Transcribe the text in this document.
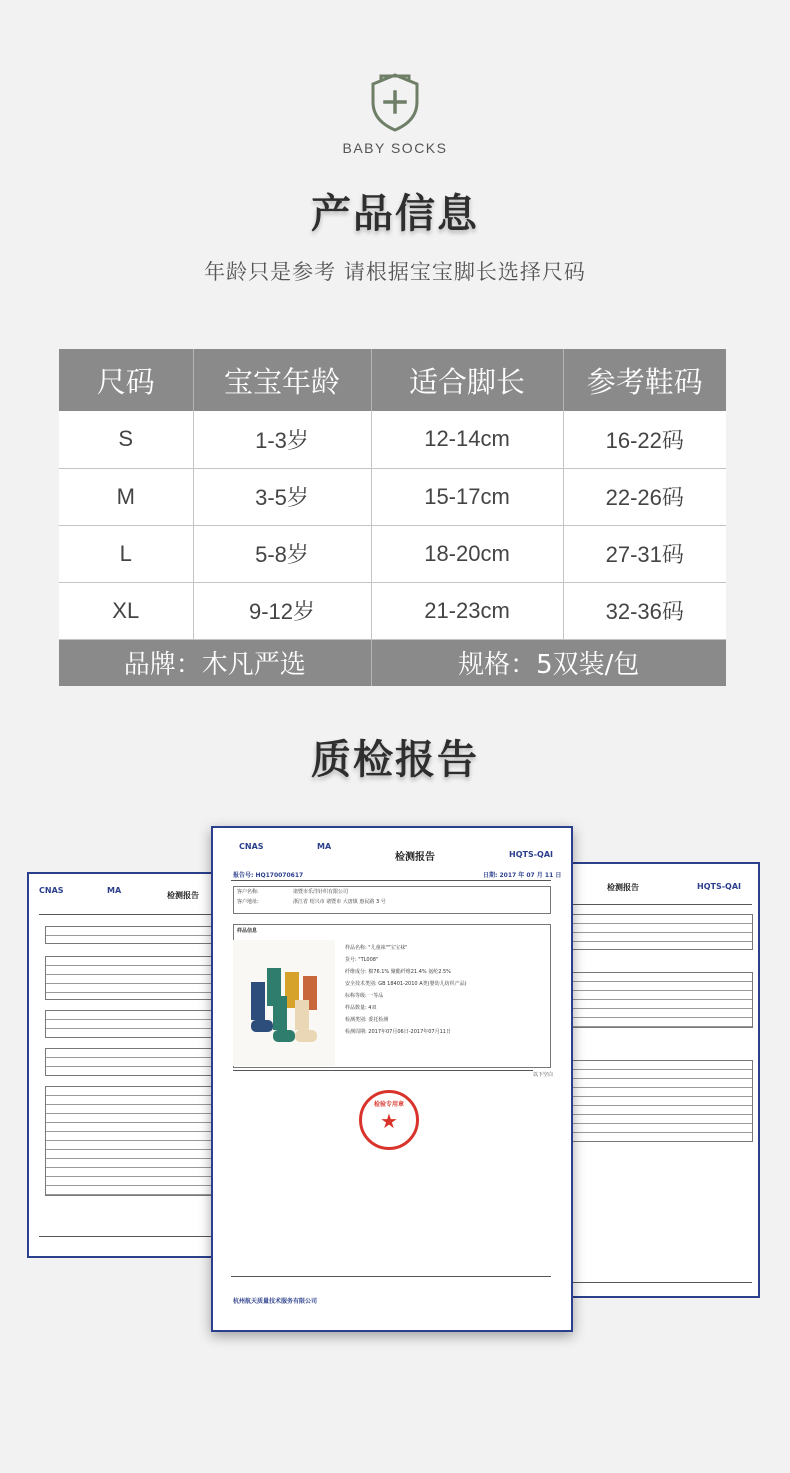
BABY SOCKS
产品信息
年龄只是参考 请根据宝宝脚长选择尺码
尺码	宝宝年龄	适合脚长	参考鞋码
S	1-3岁	12-14cm	16-22码
M	3-5岁	15-17cm	22-26码
L	5-8岁	18-20cm	27-31码
XL	9-12岁	21-23cm	32-36码
品牌：木凡严选		规格：5双装/包	
质检报告
CNAS	MA
检测报告
检测报告	HQTS-QAI
CNAS	MA
检测报告	HQTS-QAI
报告号: HQ170070617	日期: 2017 年 07 月 11 日
客户名称:	诸暨市乐洋针织有限公司
客户地址:	浙江省 绍兴市 诸暨市 大唐镇 惠民路 3 号
样品信息
样品名称: "儿童袜""宝宝袜"
货号: "TL008"
纤维成分: 棉76.1% 聚酯纤维21.4% 氨纶2.5%
安全技术类别: GB 18401-2010 A类(婴幼儿纺织产品)
标称等级: 一等品
样品数量: 4双
检测类别: 委托检测
检测周期: 2017年07月06日-2017年07月11日
以下空白
检验专用章
★
杭州航天质量技术服务有限公司
